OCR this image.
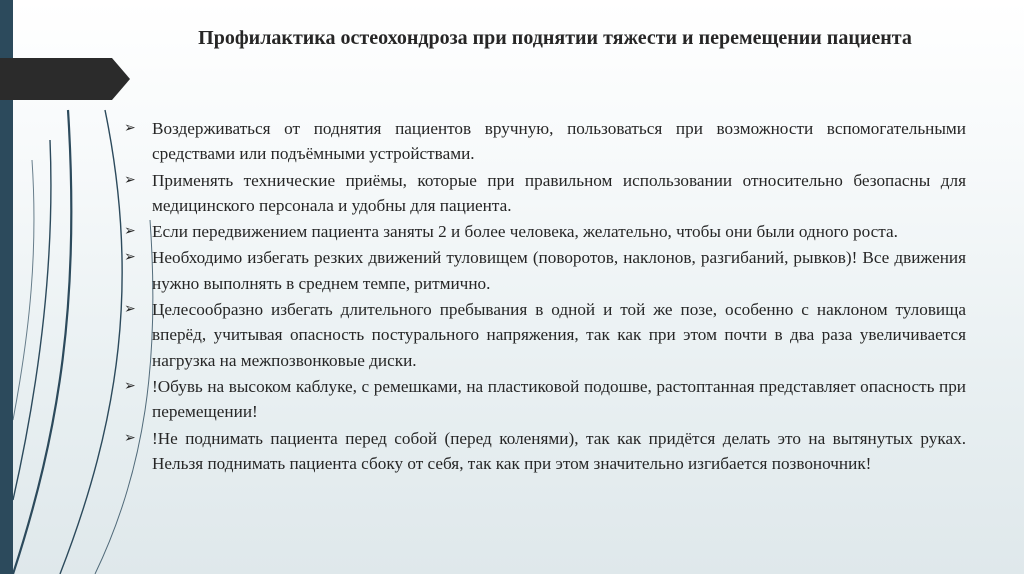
Профилактика остеохондроза при поднятии тяжести и перемещении пациента
➢ Воздерживаться от поднятия пациентов вручную, пользоваться при возможности вспомогательными средствами или подъёмными устройствами.
➢ Применять технические приёмы, которые при правильном использовании относительно безопасны для медицинского персонала и удобны для пациента.
➢ Если передвижением пациента заняты 2 и более человека, желательно, чтобы они были одного роста.
➢ Необходимо избегать резких движений туловищем (поворотов, наклонов, разгибаний, рывков)! Все движения нужно выполнять в среднем темпе, ритмично.
➢ Целесообразно избегать длительного пребывания в одной и той же позе, особенно с наклоном туловища вперёд, учитывая опасность постурального напряжения, так как при этом почти в два раза увеличивается нагрузка на межпозвонковые диски.
➢ !Обувь на высоком каблуке, с ремешками, на пластиковой подошве, растоптанная представляет опасность при перемещении!
➢ !Не поднимать пациента перед собой (перед коленями), так как придётся делать это на вытянутых руках. Нельзя поднимать пациента сбоку от себя, так как при этом значительно изгибается позвоночник!
